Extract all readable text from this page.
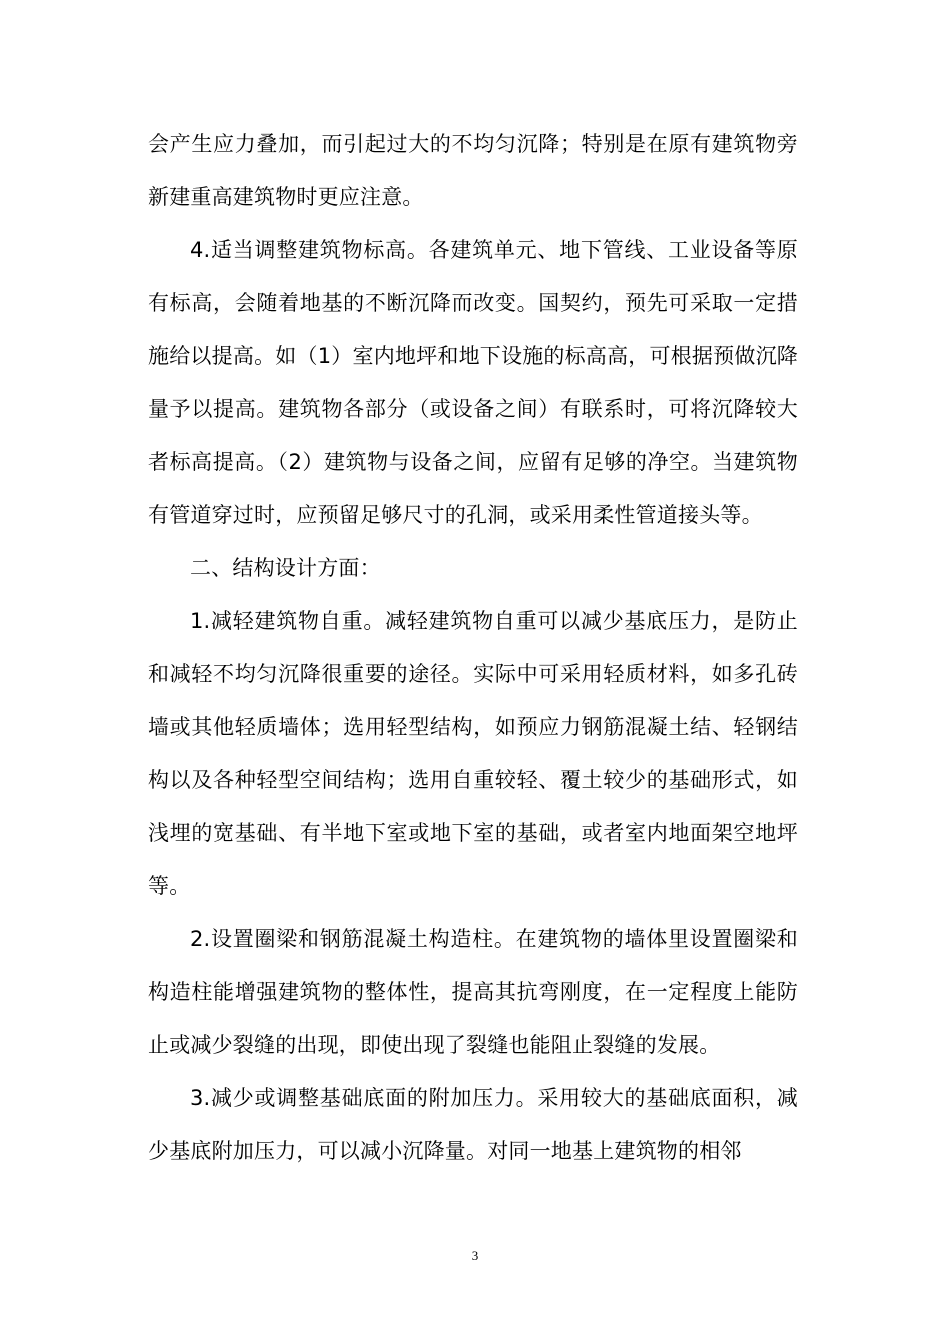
会产生应力叠加，而引起过大的不均匀沉降；特别是在原有建筑物旁新建重高建筑物时更应注意。

4.适当调整建筑物标高。各建筑单元、地下管线、工业设备等原有标高，会随着地基的不断沉降而改变。国契约，预先可采取一定措施给以提高。如（1）室内地坪和地下设施的标高高，可根据预做沉降量予以提高。建筑物各部分（或设备之间）有联系时，可将沉降较大者标高提高。（2）建筑物与设备之间，应留有足够的净空。当建筑物有管道穿过时，应预留足够尺寸的孔洞，或采用柔性管道接头等。

二、结构设计方面：

1.减轻建筑物自重。减轻建筑物自重可以减少基底压力，是防止和减轻不均匀沉降很重要的途径。实际中可采用轻质材料，如多孔砖墙或其他轻质墙体；选用轻型结构，如预应力钢筋混凝土结、轻钢结构以及各种轻型空间结构；选用自重较轻、覆土较少的基础形式，如浅埋的宽基础、有半地下室或地下室的基础，或者室内地面架空地坪等。

2.设置圈梁和钢筋混凝土构造柱。在建筑物的墙体里设置圈梁和构造柱能增强建筑物的整体性，提高其抗弯刚度，在一定程度上能防止或减少裂缝的出现，即使出现了裂缝也能阻止裂缝的发展。

3.减少或调整基础底面的附加压力。采用较大的基础底面积，减少基底附加压力，可以减小沉降量。对同一地基上建筑物的相邻

3
